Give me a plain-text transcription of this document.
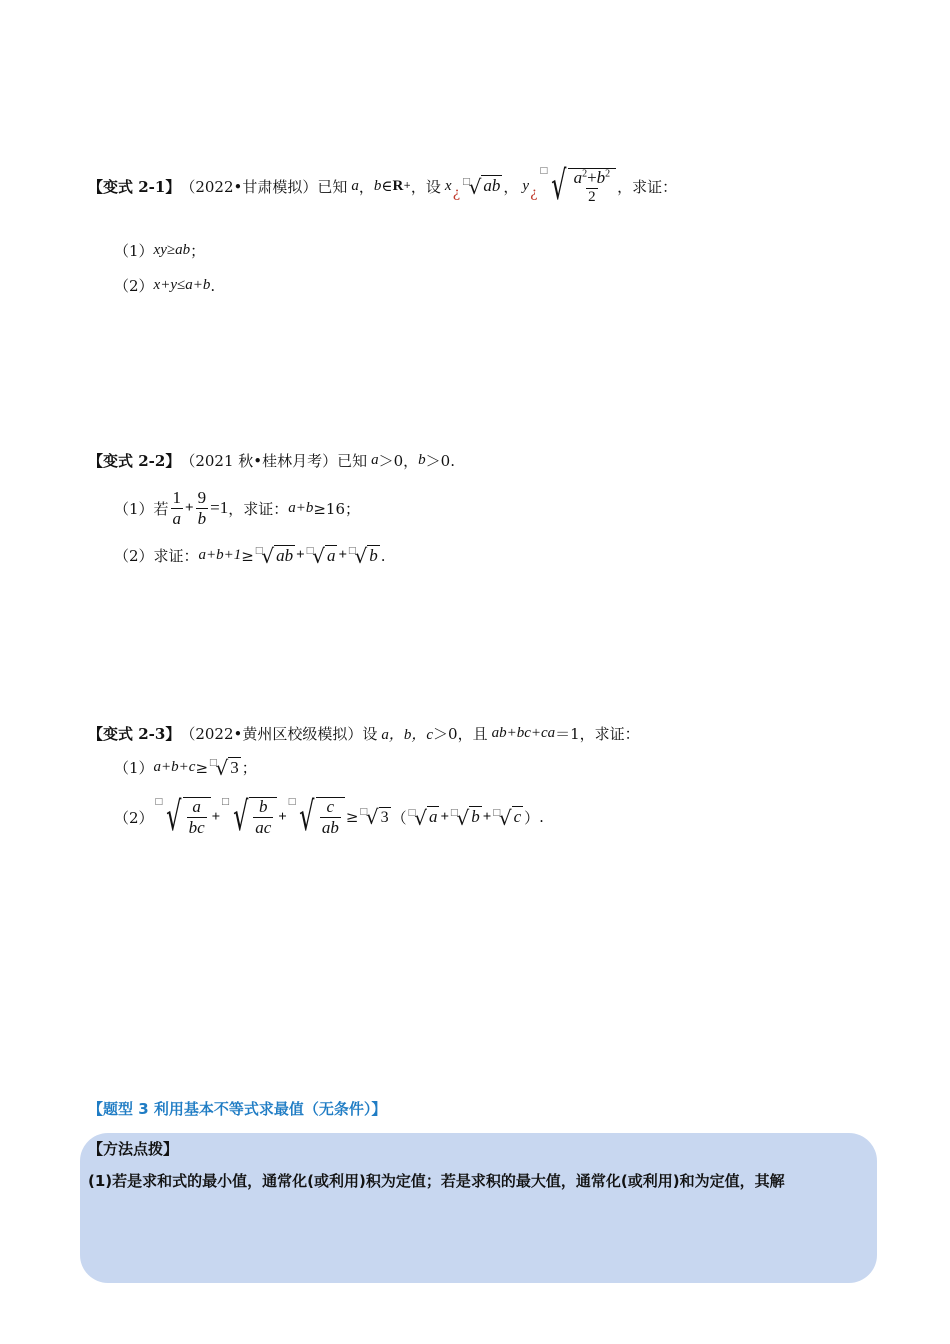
【变式 2-1】 （2022•甘肃模拟）已知 a ， b ∈ R + ，设 x ¿
□
√ ab ， y ¿
□ √ $\frac{a^2+b^2}{2}$ ，求证：
（1） xy≥ab ；
（2） x+y≤a+b .
【变式 2-2】 （2021 秋•桂林月考）已知 a ＞0， b ＞0.
（1）若 $\frac{1}{a} + \frac{9}{b} =1$ ，求证： a+b ≥16；
（2）求证： a+b+1 ≥ □
√ ab + □
√ a + □
√ b .
【变式 2-3】 （2022•黄州区校级模拟）设 a，b，c ＞0，且 ab+bc+ca ＝1，求证：
（1） a+b+c ≥ □
√ 3 ；
（2）
□ √ $\frac{a}{bc}$ +
□ √ $\frac{b}{ac}$ +
□ √ $\frac{c}{ab}$ ≥ □
√ 3 （ □
√ a + □
√ b + □
√ c ） .
【题型 3 利用基本不等式求最值（无条件）】
【方法点拨】
(1)若是求和式的最小值，通常化(或利用)积为定值；若是求积的最大值，通常化(或利用)和为定值，其解
